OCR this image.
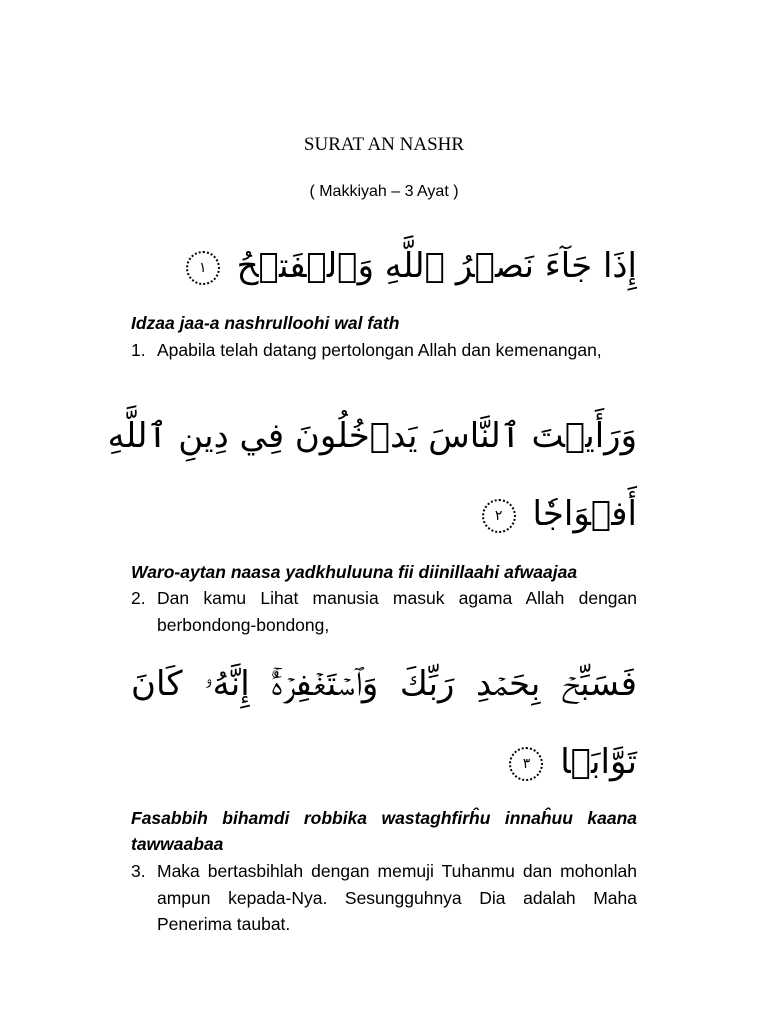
SURAT AN NASHR
( Makkiyah – 3 Ayat )
إِذَا جَآءَ نَصۡرُ ٱللَّهِ وَٱلۡفَتۡحُ ١
Idzaa jaa-a nashrulloohi wal fath
1. Apabila telah datang pertolongan Allah dan kemenangan,
وَرَأَيۡتَ ٱلنَّاسَ يَدۡخُلُونَ فِي دِينِ ٱللَّهِ
أَفۡوَاجٗا ٢
Waro-aytan naasa yadkhuluuna fii diinillaahi afwaajaa
2. Dan kamu Lihat manusia masuk agama Allah dengan berbondong-bondong,
فَسَبِّحۡ بِحَمۡدِ رَبِّكَ وَٱسۡتَغۡفِرۡهُۚ إِنَّهُۥ كَانَ
تَوَّابَۢا ٣
Fasabbih bihamdi robbika wastaghfirĥu innaĥuu kaana tawwaabaa
3. Maka bertasbihlah dengan memuji Tuhanmu dan mohonlah ampun kepada-Nya. Sesungguhnya Dia adalah Maha Penerima taubat.
